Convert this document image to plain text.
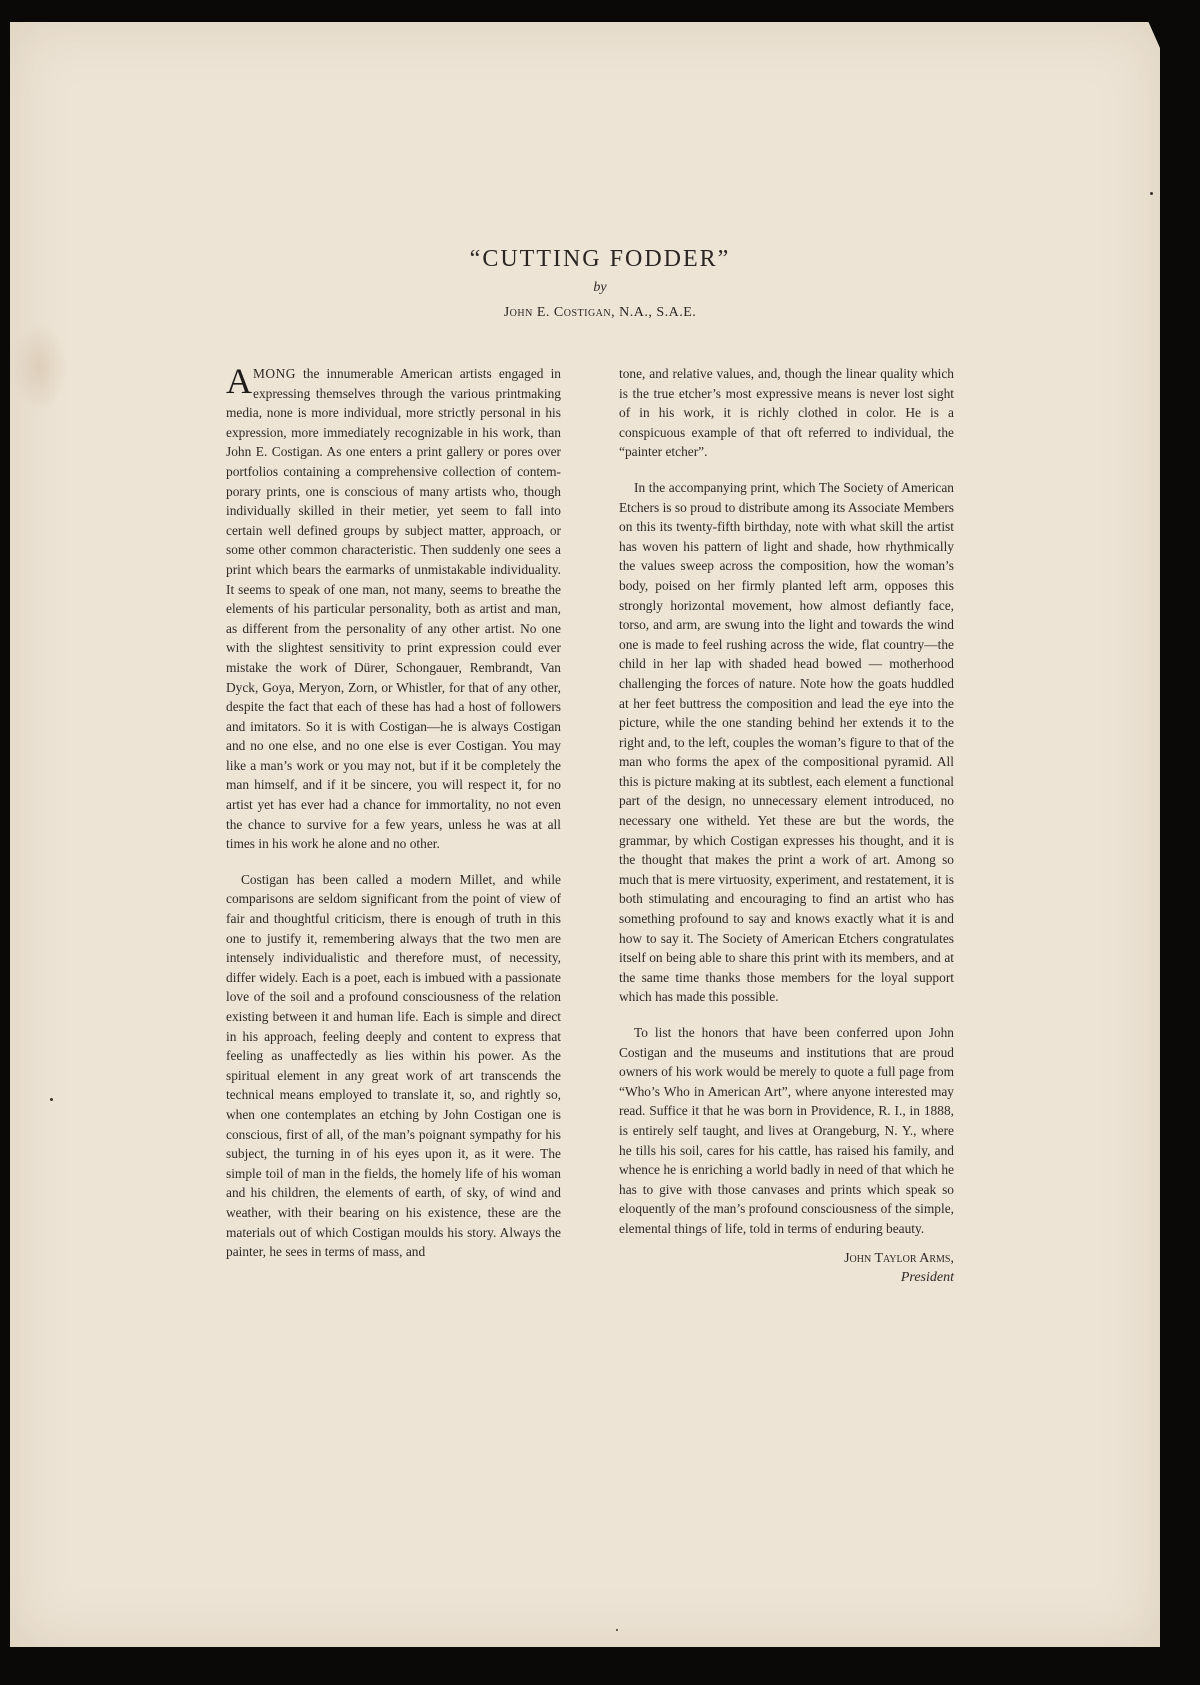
“CUTTING FODDER”
by
John E. Costigan, N.A., S.A.E.

AMONG the innumerable American artists engaged in expressing themselves through the various printmaking media, none is more individual, more strictly personal in his expression, more immediately recognizable in his work, than John E. Costigan. As one enters a print gallery or pores over portfolios containing a comprehensive collection of contemporary prints, one is conscious of many artists who, though individually skilled in their metier, yet seem to fall into certain well defined groups by subject matter, approach, or some other common characteristic. Then suddenly one sees a print which bears the earmarks of unmistakable individuality. It seems to speak of one man, not many, seems to breathe the elements of his particular personality, both as artist and man, as different from the personality of any other artist. No one with the slightest sensitivity to print expression could ever mistake the work of Dürer, Schongauer, Rembrandt, Van Dyck, Goya, Meryon, Zorn, or Whistler, for that of any other, despite the fact that each of these has had a host of followers and imitators. So it is with Costigan—he is always Costigan and no one else, and no one else is ever Costigan. You may like a man’s work or you may not, but if it be completely the man himself, and if it be sincere, you will respect it, for no artist yet has ever had a chance for immortality, no not even the chance to survive for a few years, unless he was at all times in his work he alone and no other.

Costigan has been called a modern Millet, and while comparisons are seldom significant from the point of view of fair and thoughtful criticism, there is enough of truth in this one to justify it, remembering always that the two men are intensely individualistic and therefore must, of necessity, differ widely. Each is a poet, each is imbued with a passionate love of the soil and a profound consciousness of the relation existing between it and human life. Each is simple and direct in his approach, feeling deeply and content to express that feeling as unaffectedly as lies within his power. As the spiritual element in any great work of art transcends the technical means employed to translate it, so, and rightly so, when one contemplates an etching by John Costigan one is conscious, first of all, of the man’s poignant sympathy for his subject, the turning in of his eyes upon it, as it were. The simple toil of man in the fields, the homely life of his woman and his children, the elements of earth, of sky, of wind and weather, with their bearing on his existence, these are the materials out of which Costigan moulds his story. Always the painter, he sees in terms of mass, and

tone, and relative values, and, though the linear quality which is the true etcher’s most expressive means is never lost sight of in his work, it is richly clothed in color. He is a conspicuous example of that oft referred to individual, the “painter etcher”.

In the accompanying print, which The Society of American Etchers is so proud to distribute among its Associate Members on this its twenty-fifth birthday, note with what skill the artist has woven his pattern of light and shade, how rhythmically the values sweep across the composition, how the woman’s body, poised on her firmly planted left arm, opposes this strongly horizontal movement, how almost defiantly face, torso, and arm, are swung into the light and towards the wind one is made to feel rushing across the wide, flat country—the child in her lap with shaded head bowed — motherhood challenging the forces of nature. Note how the goats huddled at her feet buttress the composition and lead the eye into the picture, while the one standing behind her extends it to the right and, to the left, couples the woman’s figure to that of the man who forms the apex of the compositional pyramid. All this is picture making at its subtlest, each element a functional part of the design, no unnecessary element introduced, no necessary one witheld. Yet these are but the words, the grammar, by which Costigan expresses his thought, and it is the thought that makes the print a work of art. Among so much that is mere virtuosity, experiment, and restatement, it is both stimulating and encouraging to find an artist who has something profound to say and knows exactly what it is and how to say it. The Society of American Etchers congratulates itself on being able to share this print with its members, and at the same time thanks those members for the loyal support which has made this possible.

To list the honors that have been conferred upon John Costigan and the museums and institutions that are proud owners of his work would be merely to quote a full page from “Who’s Who in American Art”, where anyone interested may read. Suffice it that he was born in Providence, R. I., in 1888, is entirely self taught, and lives at Orangeburg, N. Y., where he tills his soil, cares for his cattle, has raised his family, and whence he is enriching a world badly in need of that which he has to give with those canvases and prints which speak so eloquently of the man’s profound consciousness of the simple, elemental things of life, told in terms of enduring beauty.

John Taylor Arms,
President
